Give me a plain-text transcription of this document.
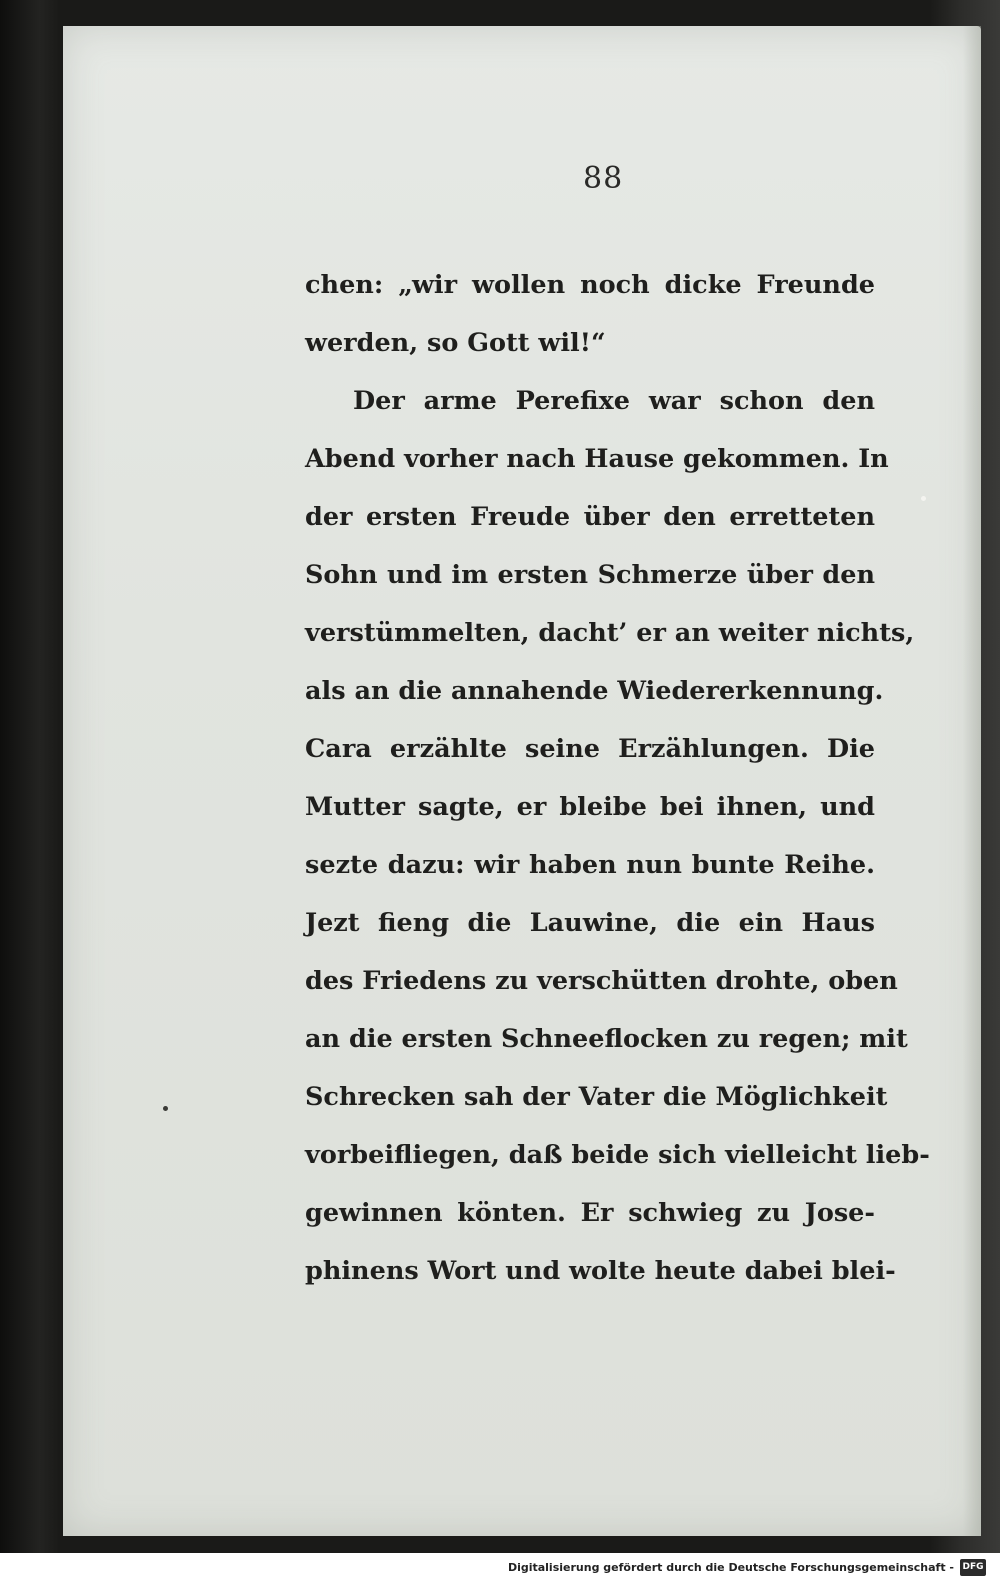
88

chen: „wir wollen noch dicke Freunde
werden, so Gott wil!“
Der arme Perefixe war schon den
Abend vorher nach Hause gekommen. In
der ersten Freude über den erretteten
Sohn und im ersten Schmerze über den
verstümmelten, dacht’ er an weiter nichts,
als an die annahende Wiedererkennung.
Cara erzählte seine Erzählungen. Die
Mutter sagte, er bleibe bei ihnen, und
sezte dazu: wir haben nun bunte Reihe.
Jezt fieng die Lauwine, die ein Haus
des Friedens zu verschütten drohte, oben
an die ersten Schneeflocken zu regen; mit
Schrecken sah der Vater die Möglichkeit
vorbeifliegen, daß beide sich vielleicht lieb-
gewinnen könten. Er schwieg zu Jose-
phinens Wort und wolte heute dabei blei-

Digitalisierung gefördert durch die Deutsche Forschungsgemeinschaft - DFG
